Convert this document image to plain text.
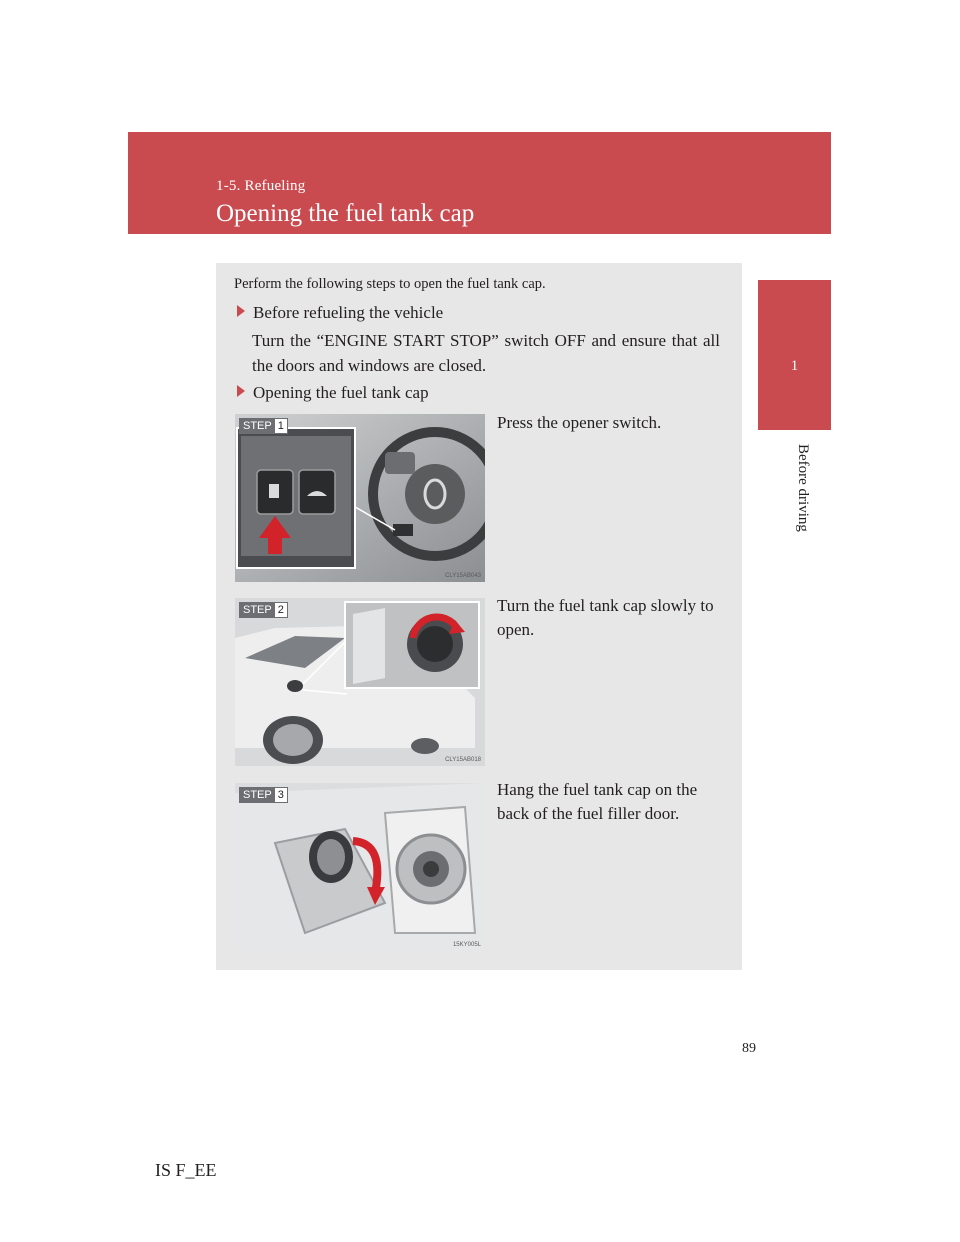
1-5. Refueling
Opening the fuel tank cap
1
Before driving
Perform the following steps to open the fuel tank cap.
Before refueling the vehicle
Turn the “ENGINE START STOP” switch OFF and ensure that all the doors and windows are closed.
Opening the fuel tank cap
STEP 1
CLY15AB043
Press the opener switch.
STEP 2
CLY15AB018
Turn the fuel tank cap slowly to open.
STEP 3
15KY005L
Hang the fuel tank cap on the back of the fuel filler door.
89
IS F_EE
